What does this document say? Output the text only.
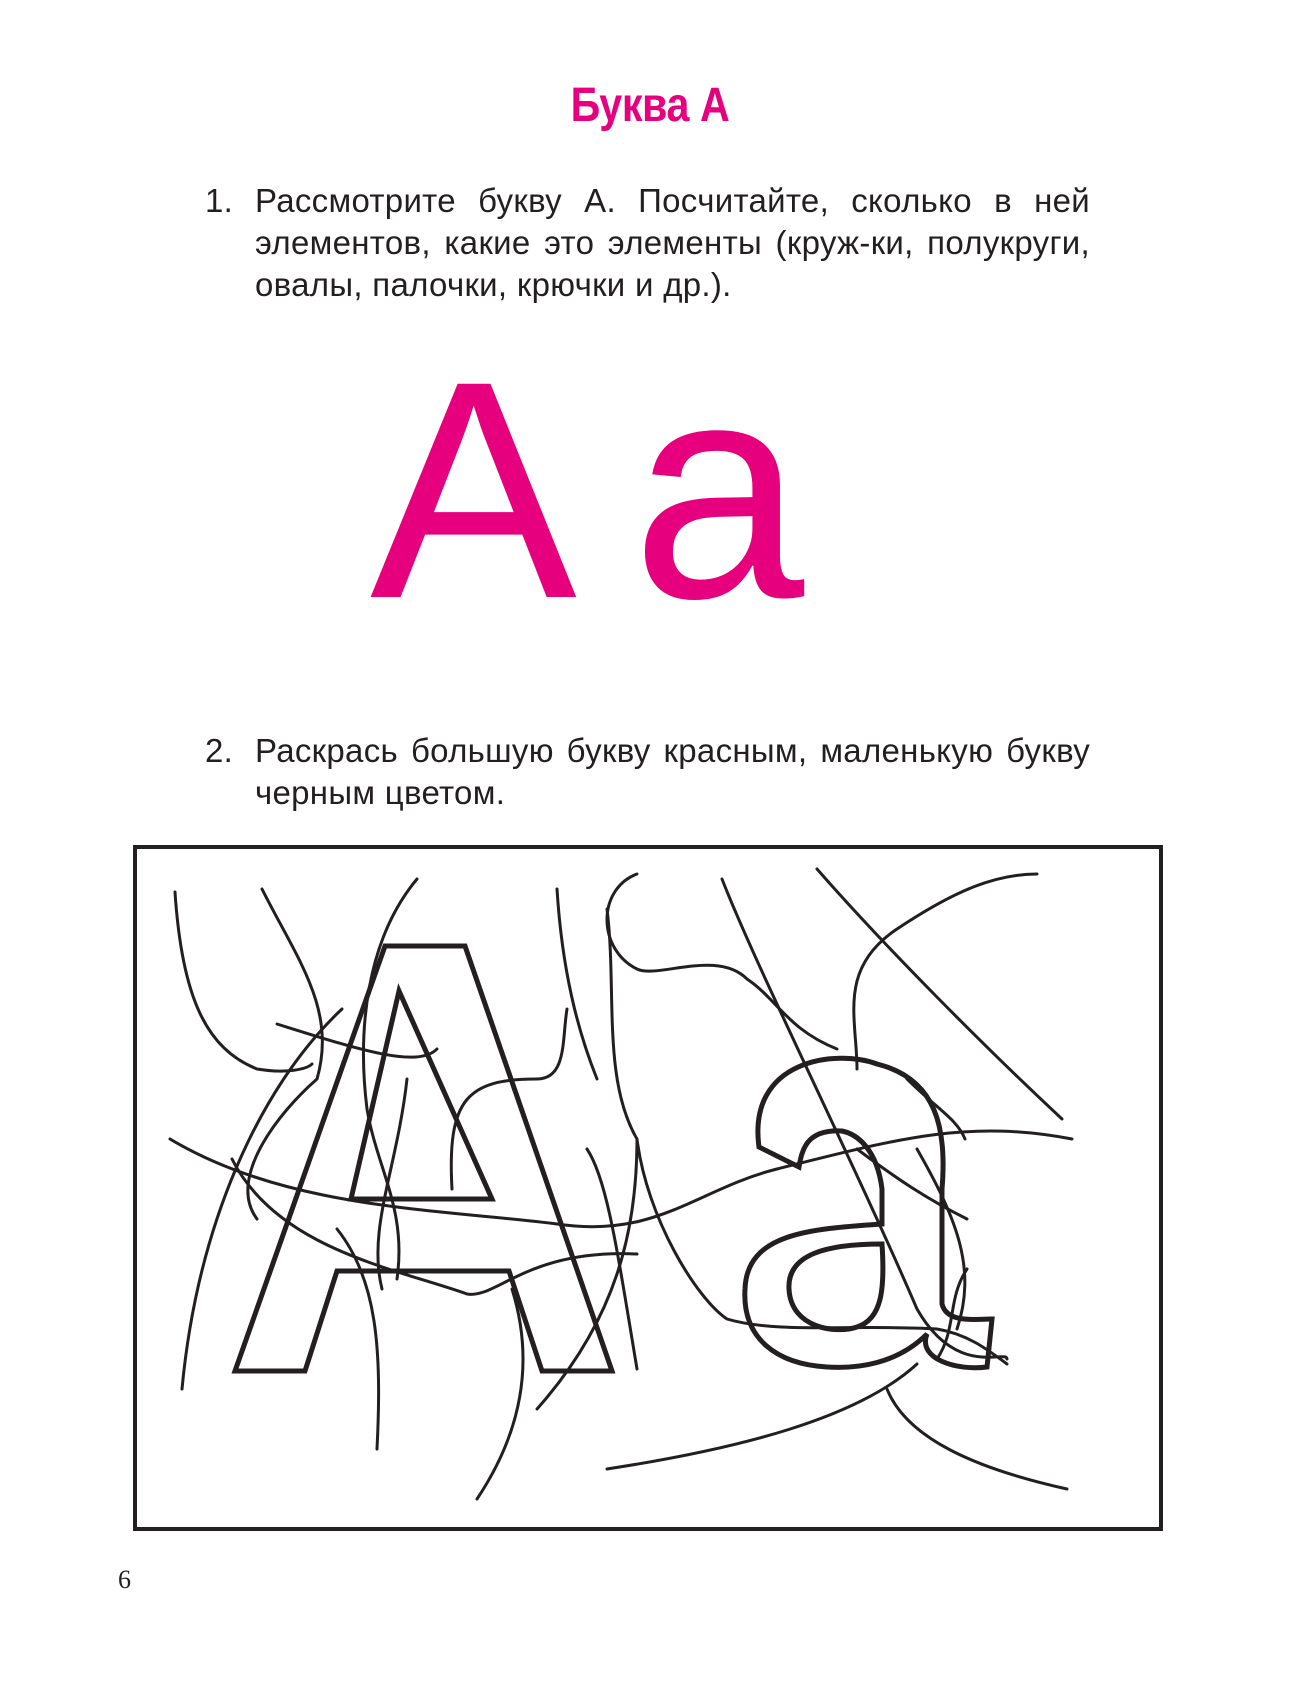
Буква А
1. Рассмотрите букву А. Посчитайте, сколько в ней элементов, какие это элементы (круж-ки, полукруги, овалы, палочки, крючки и др.).
А а
2. Раскрась большую букву красным, маленькую букву черным цветом.
6
